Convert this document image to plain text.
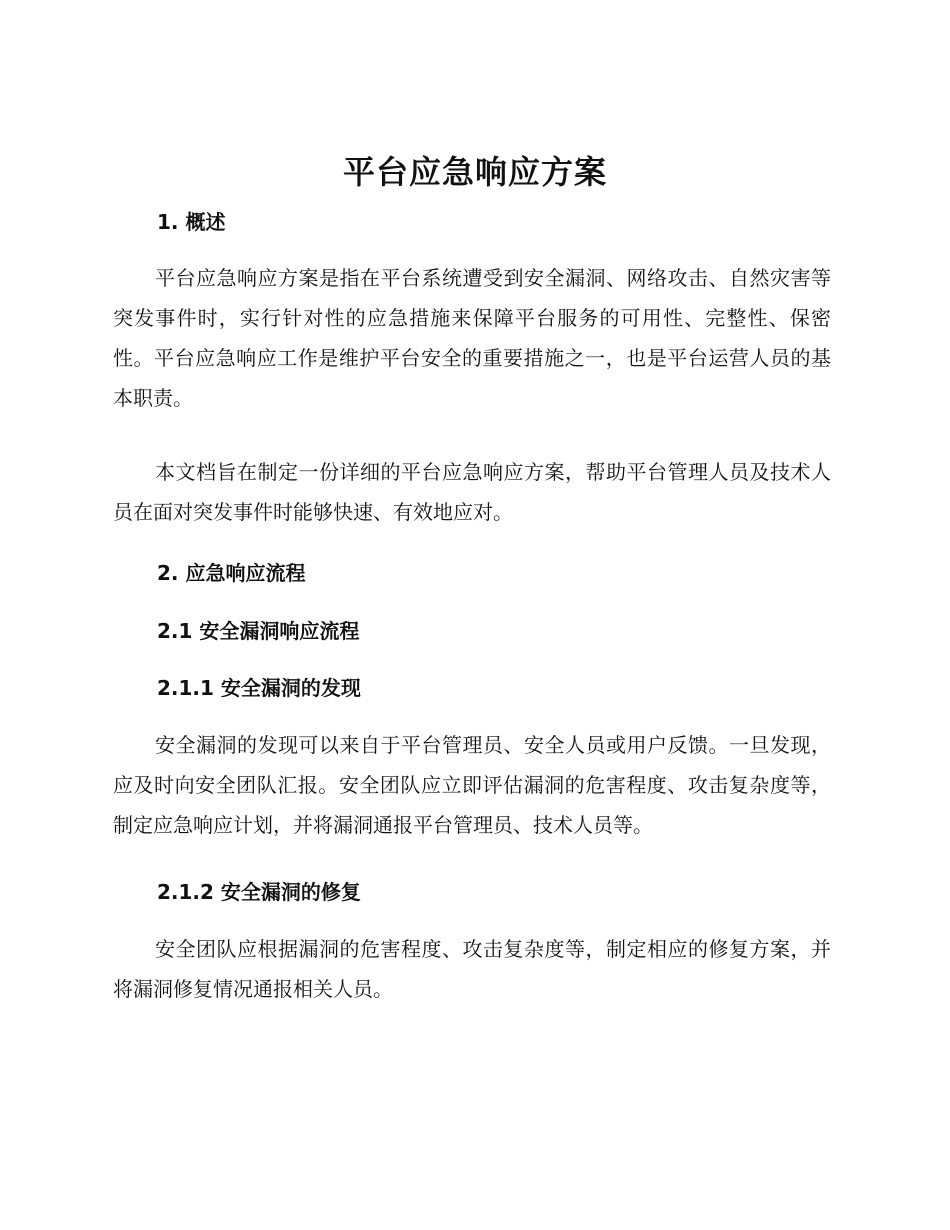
平台应急响应方案
1. 概述

平台应急响应方案是指在平台系统遭受到安全漏洞、网络攻击、自然灾害等突发事件时，实行针对性的应急措施来保障平台服务的可用性、完整性、保密性。平台应急响应工作是维护平台安全的重要措施之一，也是平台运营人员的基本职责。

本文档旨在制定一份详细的平台应急响应方案，帮助平台管理人员及技术人员在面对突发事件时能够快速、有效地应对。

2. 应急响应流程
2.1 安全漏洞响应流程
2.1.1 安全漏洞的发现

安全漏洞的发现可以来自于平台管理员、安全人员或用户反馈。一旦发现，应及时向安全团队汇报。安全团队应立即评估漏洞的危害程度、攻击复杂度等，制定应急响应计划，并将漏洞通报平台管理员、技术人员等。

2.1.2 安全漏洞的修复

安全团队应根据漏洞的危害程度、攻击复杂度等，制定相应的修复方案，并将漏洞修复情况通报相关人员。
